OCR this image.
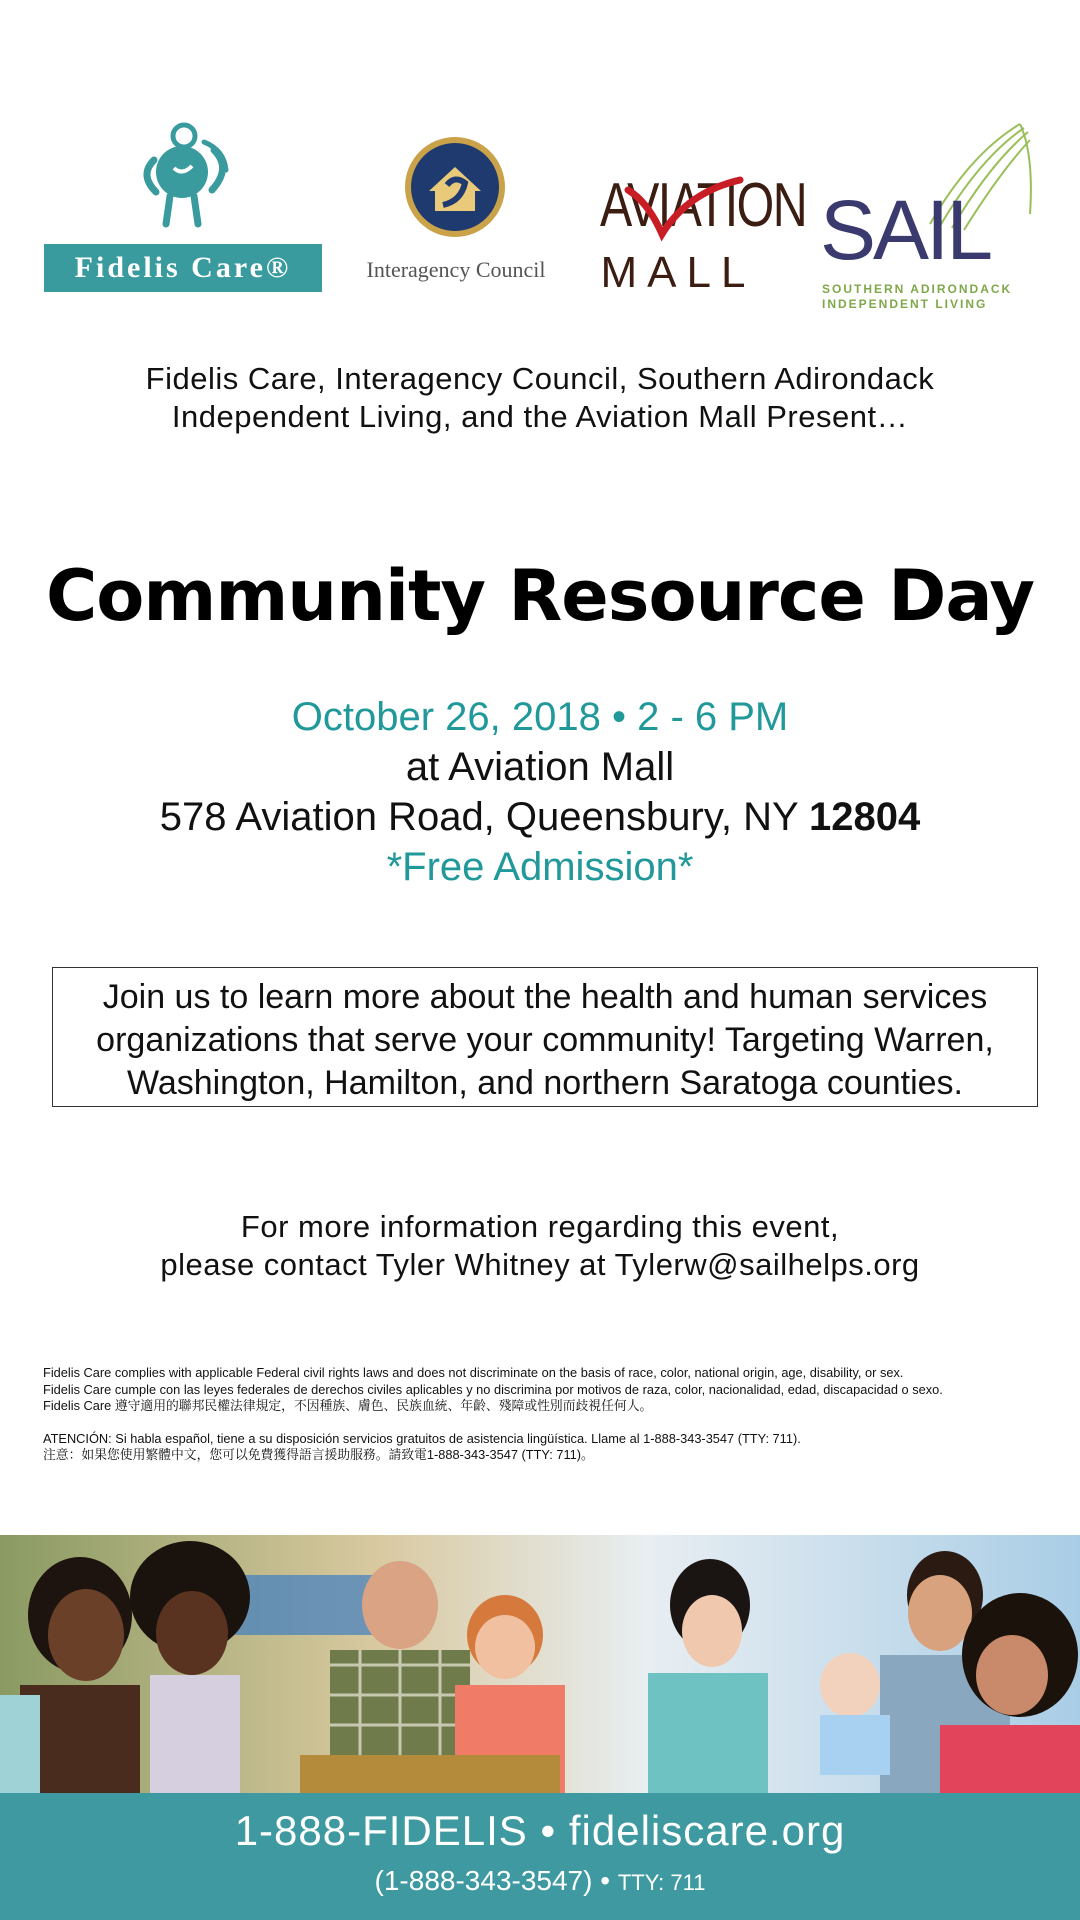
Fidelis Care®	Interagency Council
AVIATION
MALL SAIL
SOUTHERN ADIRONDACK
INDEPENDENT LIVING
Fidelis Care, Interagency Council, Southern Adirondack
Independent Living, and the Aviation Mall Present…
Community Resource Day
October 26, 2018 • 2 - 6 PM
at Aviation Mall
578 Aviation Road, Queensbury, NY 12804
*Free Admission*
Join us to learn more about the health and human services organizations that serve your community! Targeting Warren, Washington, Hamilton, and northern Saratoga counties.
For more information regarding this event,
please contact Tyler Whitney at Tylerw@sailhelps.org

Fidelis Care complies with applicable Federal civil rights laws and does not discriminate on the basis of race, color, national origin, age, disability, or sex.

Fidelis Care cumple con las leyes federales de derechos civiles aplicables y no discrimina por motivos de raza, color, nacionalidad, edad, discapacidad o sexo.

Fidelis Care 遵守適用的聯邦民權法律規定，不因種族、膚色、民族血統、年齡、殘障或性別而歧視任何人。

ATENCIÓN: Si habla español, tiene a su disposición servicios gratuitos de asistencia lingüística. Llame al 1-888-343-3547 (TTY: 711).

注意：如果您使用繁體中文，您可以免費獲得語言援助服務。請致電1-888-343-3547 (TTY: 711)。

1-888-FIDELIS • fideliscare.org
(1-888-343-3547) • TTY: 711
